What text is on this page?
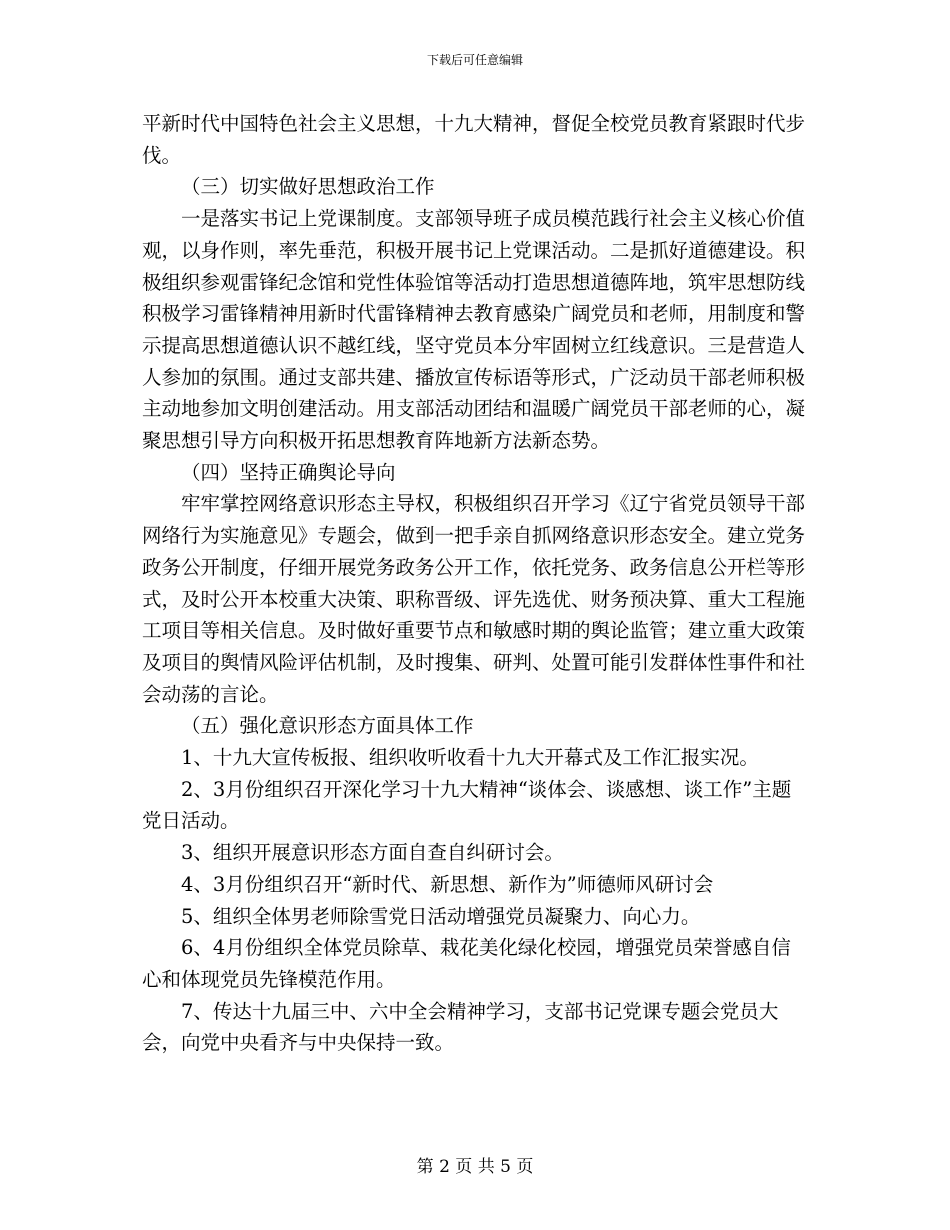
下载后可任意编辑

平新时代中国特色社会主义思想，十九大精神，督促全校党员教育紧跟时代步伐。

（三）切实做好思想政治工作

一是落实书记上党课制度。支部领导班子成员模范践行社会主义核心价值观，以身作则，率先垂范，积极开展书记上党课活动。二是抓好道德建设。积极组织参观雷锋纪念馆和党性体验馆等活动打造思想道德阵地，筑牢思想防线积极学习雷锋精神用新时代雷锋精神去教育感染广阔党员和老师，用制度和警示提高思想道德认识不越红线，坚守党员本分牢固树立红线意识。三是营造人人参加的氛围。通过支部共建、播放宣传标语等形式，广泛动员干部老师积极主动地参加文明创建活动。用支部活动团结和温暖广阔党员干部老师的心，凝聚思想引导方向积极开拓思想教育阵地新方法新态势。

（四）坚持正确舆论导向

牢牢掌控网络意识形态主导权，积极组织召开学习《辽宁省党员领导干部网络行为实施意见》专题会，做到一把手亲自抓网络意识形态安全。建立党务政务公开制度，仔细开展党务政务公开工作，依托党务、政务信息公开栏等形式，及时公开本校重大决策、职称晋级、评先选优、财务预决算、重大工程施工项目等相关信息。及时做好重要节点和敏感时期的舆论监管；建立重大政策及项目的舆情风险评估机制，及时搜集、研判、处置可能引发群体性事件和社会动荡的言论。

（五）强化意识形态方面具体工作

1、十九大宣传板报、组织收听收看十九大开幕式及工作汇报实况。

2、3月份组织召开深化学习十九大精神“谈体会、谈感想、谈工作”主题党日活动。

3、组织开展意识形态方面自查自纠研讨会。

4、3月份组织召开“新时代、新思想、新作为”师德师风研讨会

5、组织全体男老师除雪党日活动增强党员凝聚力、向心力。

6、4月份组织全体党员除草、栽花美化绿化校园，增强党员荣誉感自信心和体现党员先锋模范作用。

7、传达十九届三中、六中全会精神学习，支部书记党课专题会党员大会，向党中央看齐与中央保持一致。

第 2 页 共 5 页
